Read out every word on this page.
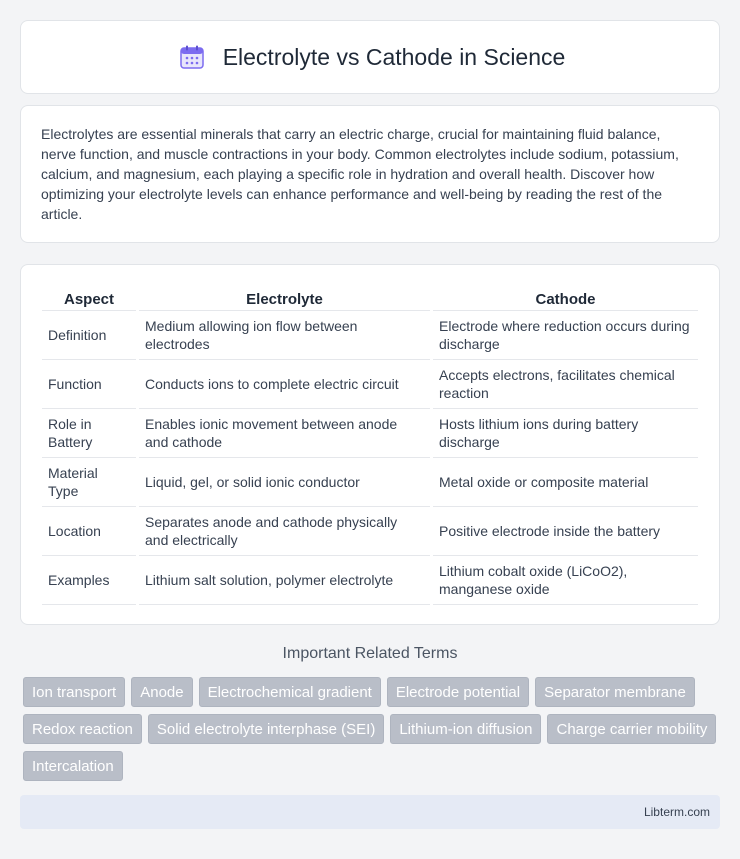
Electrolyte vs Cathode in Science

Electrolytes are essential minerals that carry an electric charge, crucial for maintaining fluid balance, nerve function, and muscle contractions in your body. Common electrolytes include sodium, potassium, calcium, and magnesium, each playing a specific role in hydration and overall health. Discover how optimizing your electrolyte levels can enhance performance and well-being by reading the rest of the article.

Aspect	Electrolyte	Cathode
Definition	Medium allowing ion flow between electrodes	Electrode where reduction occurs during discharge
Function	Conducts ions to complete electric circuit	Accepts electrons, facilitates chemical reaction
Role in Battery	Enables ionic movement between anode and cathode	Hosts lithium ions during battery discharge
Material Type	Liquid, gel, or solid ionic conductor	Metal oxide or composite material
Location	Separates anode and cathode physically and electrically	Positive electrode inside the battery
Examples	Lithium salt solution, polymer electrolyte	Lithium cobalt oxide (LiCoO2), manganese oxide
Important Related Terms
Ion transport	Anode	Electrochemical gradient	Electrode potential	Separator membrane
Redox reaction	Solid electrolyte interphase (SEI)	Lithium-ion diffusion	Charge carrier mobility
Intercalation
Libterm.com
